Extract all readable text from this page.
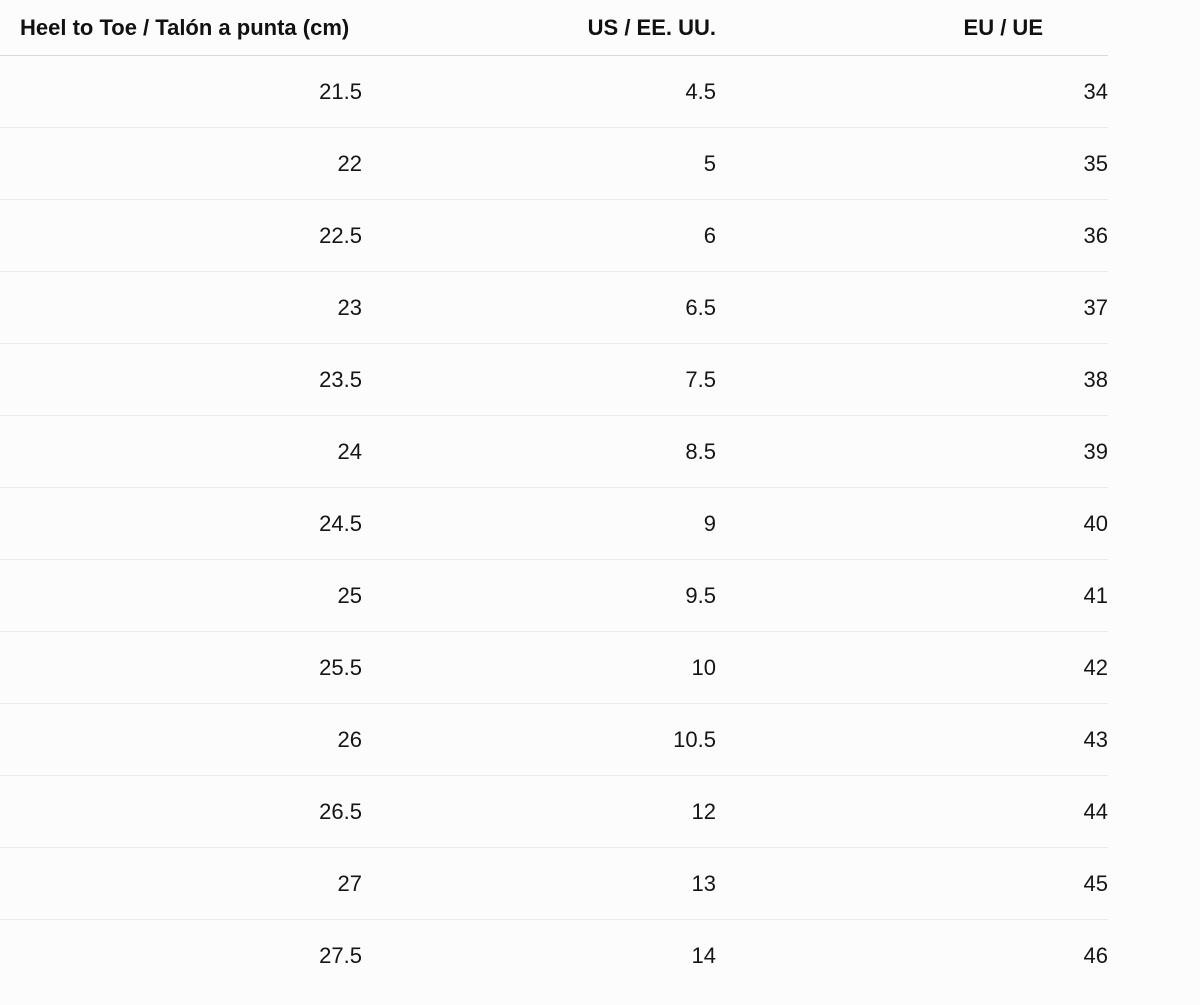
Heel to Toe / Talón a punta (cm)	US / EE. UU.	EU / UE
21.5	4.5	34
22	5	35
22.5	6	36
23	6.5	37
23.5	7.5	38
24	8.5	39
24.5	9	40
25	9.5	41
25.5	10	42
26	10.5	43
26.5	12	44
27	13	45
27.5	14	46
